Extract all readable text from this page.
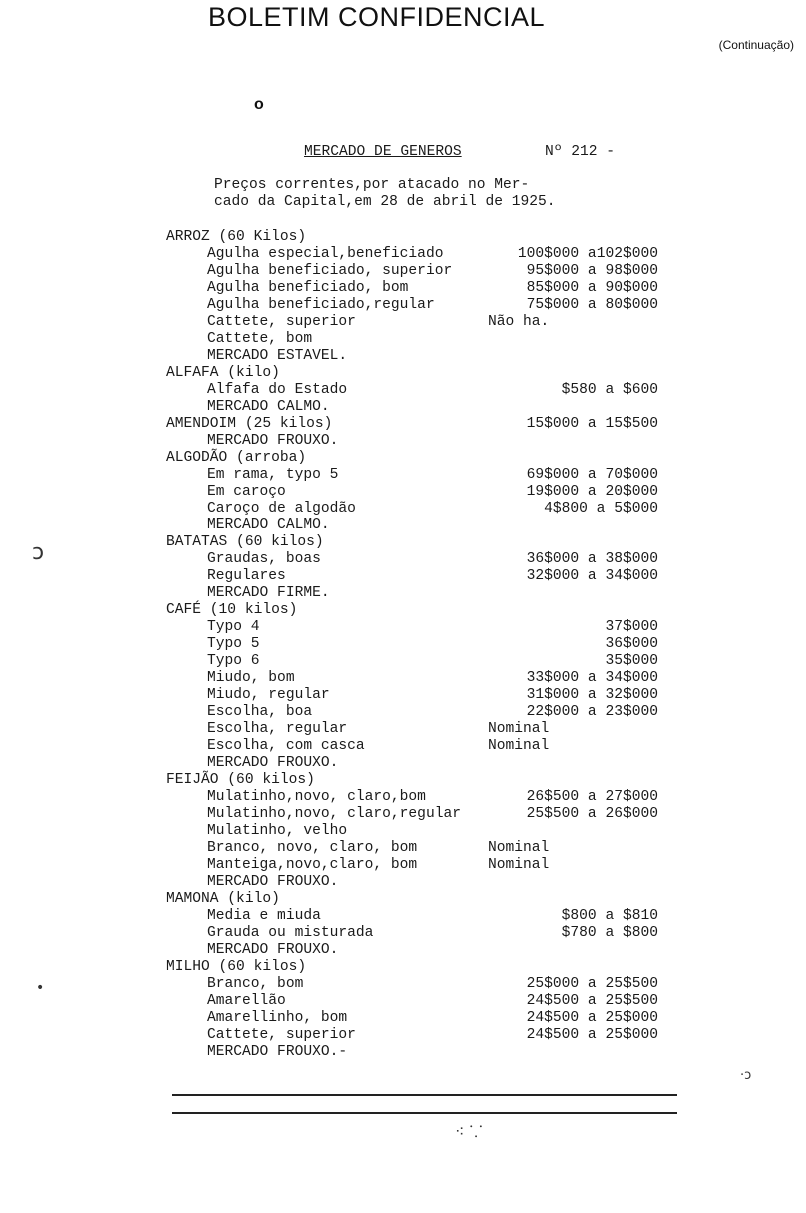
BOLETIM CONFIDENCIAL
(Continuação)
o
MERCADO DE GENEROS	Nº 212 -
Preços correntes,por atacado no Mer-
cado da Capital,em 28 de abril de 1925.
ARROZ (60 Kilos)
Agulha especial,beneficiado	100$000 a102$000
Agulha beneficiado, superior	95$000 a 98$000
Agulha beneficiado, bom	85$000 a 90$000
Agulha beneficiado,regular	75$000 a 80$000
Cattete, superior	Não ha.
Cattete, bom
MERCADO ESTAVEL.
ALFAFA (kilo)
Alfafa do Estado	$580 a $600
MERCADO CALMO.
AMENDOIM (25 kilos)	15$000 a 15$500
MERCADO FROUXO.
ALGODÃO (arroba)
Em rama, typo 5	69$000 a 70$000
Em caroço	19$000 a 20$000
Caroço de algodão	4$800 a 5$000
MERCADO CALMO.
BATATAS (60 kilos)
Graudas, boas	36$000 a 38$000
Regulares	32$000 a 34$000
MERCADO FIRME.
CAFÉ (10 kilos)
Typo 4	37$000
Typo 5	36$000
Typo 6	35$000
Miudo, bom	33$000 a 34$000
Miudo, regular	31$000 a 32$000
Escolha, boa	22$000 a 23$000
Escolha, regular	Nominal
Escolha, com casca	Nominal
MERCADO FROUXO.
FEIJÃO (60 kilos)
Mulatinho,novo, claro,bom	26$500 a 27$000
Mulatinho,novo, claro,regular	25$500 a 26$000
Mulatinho, velho
Branco, novo, claro, bom	Nominal
Manteiga,novo,claro, bom	Nominal
MERCADO FROUXO.
MAMONA (kilo)
Media e miuda	$800 a $810
Grauda ou misturada	$780 a $800
MERCADO FROUXO.
MILHO (60 kilos)
Branco, bom	25$000 a 25$500
Amarellão	24$500 a 25$500
Amarellinho, bom	24$500 a 25$000
Cattete, superior	24$500 a 25$000
MERCADO FROUXO.-
ↄ
·ↄ
•
⁖ ⸪
